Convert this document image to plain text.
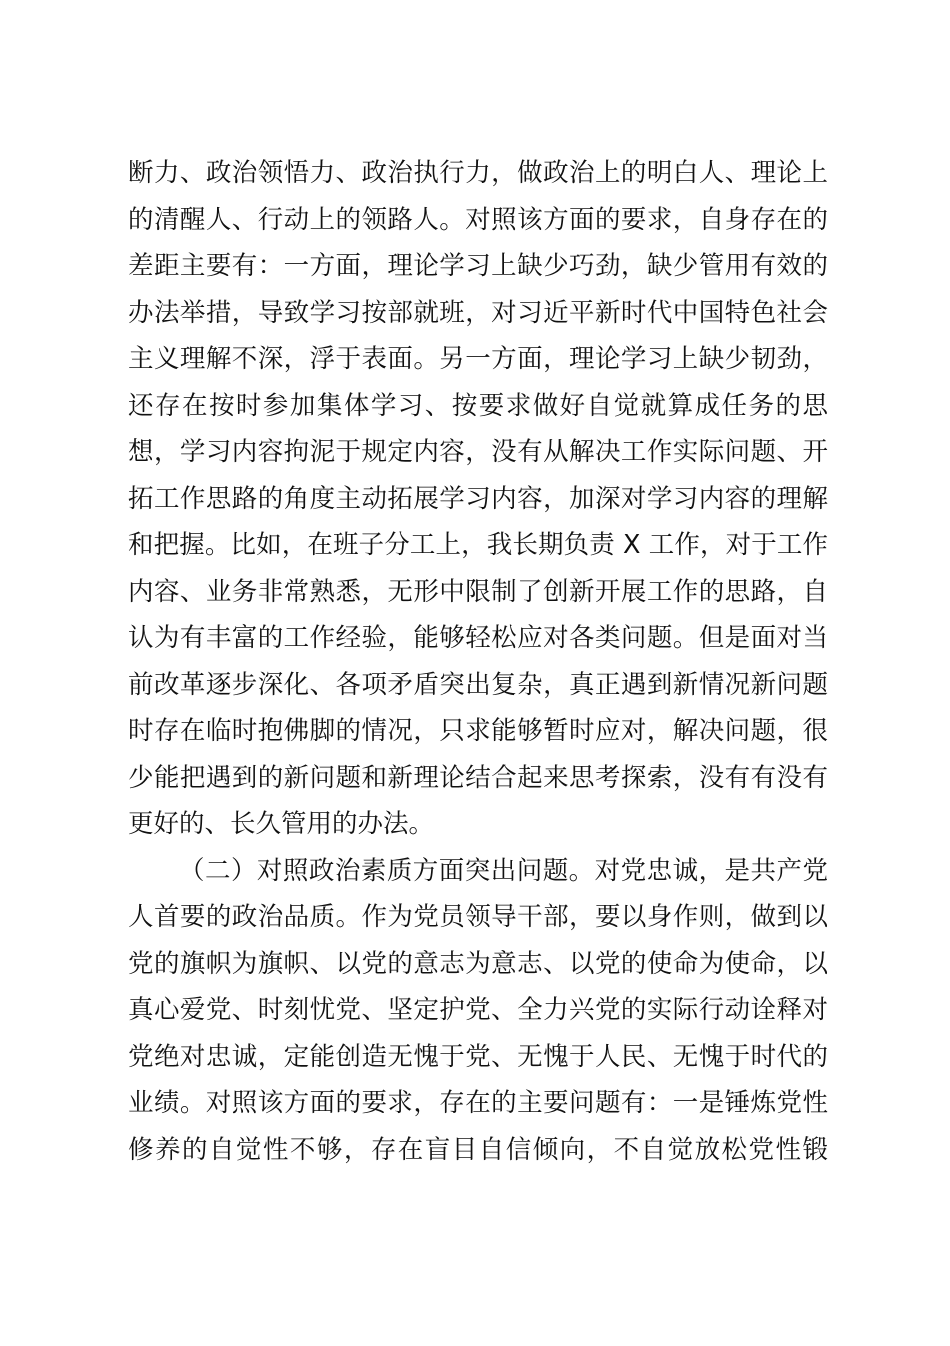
断力、政治领悟力、政治执行力，做政治上的明白人、理论上
的清醒人、行动上的领路人。对照该方面的要求，自身存在的
差距主要有：一方面，理论学习上缺少巧劲，缺少管用有效的
办法举措，导致学习按部就班，对习近平新时代中国特色社会
主义理解不深，浮于表面。另一方面，理论学习上缺少韧劲，
还存在按时参加集体学习、按要求做好自觉就算成任务的思
想，学习内容拘泥于规定内容，没有从解决工作实际问题、开
拓工作思路的角度主动拓展学习内容，加深对学习内容的理解
和把握。比如，在班子分工上，我长期负责 X 工作，对于工作
内容、业务非常熟悉，无形中限制了创新开展工作的思路，自
认为有丰富的工作经验，能够轻松应对各类问题。但是面对当
前改革逐步深化、各项矛盾突出复杂，真正遇到新情况新问题
时存在临时抱佛脚的情况，只求能够暂时应对，解决问题，很
少能把遇到的新问题和新理论结合起来思考探索，没有有没有
更好的、长久管用的办法。
（二）对照政治素质方面突出问题。对党忠诚，是共产党
人首要的政治品质。作为党员领导干部，要以身作则，做到以
党的旗帜为旗帜、以党的意志为意志、以党的使命为使命，以
真心爱党、时刻忧党、坚定护党、全力兴党的实际行动诠释对
党绝对忠诚，定能创造无愧于党、无愧于人民、无愧于时代的
业绩。对照该方面的要求，存在的主要问题有：一是锤炼党性
修养的自觉性不够，存在盲目自信倾向，不自觉放松党性锻
